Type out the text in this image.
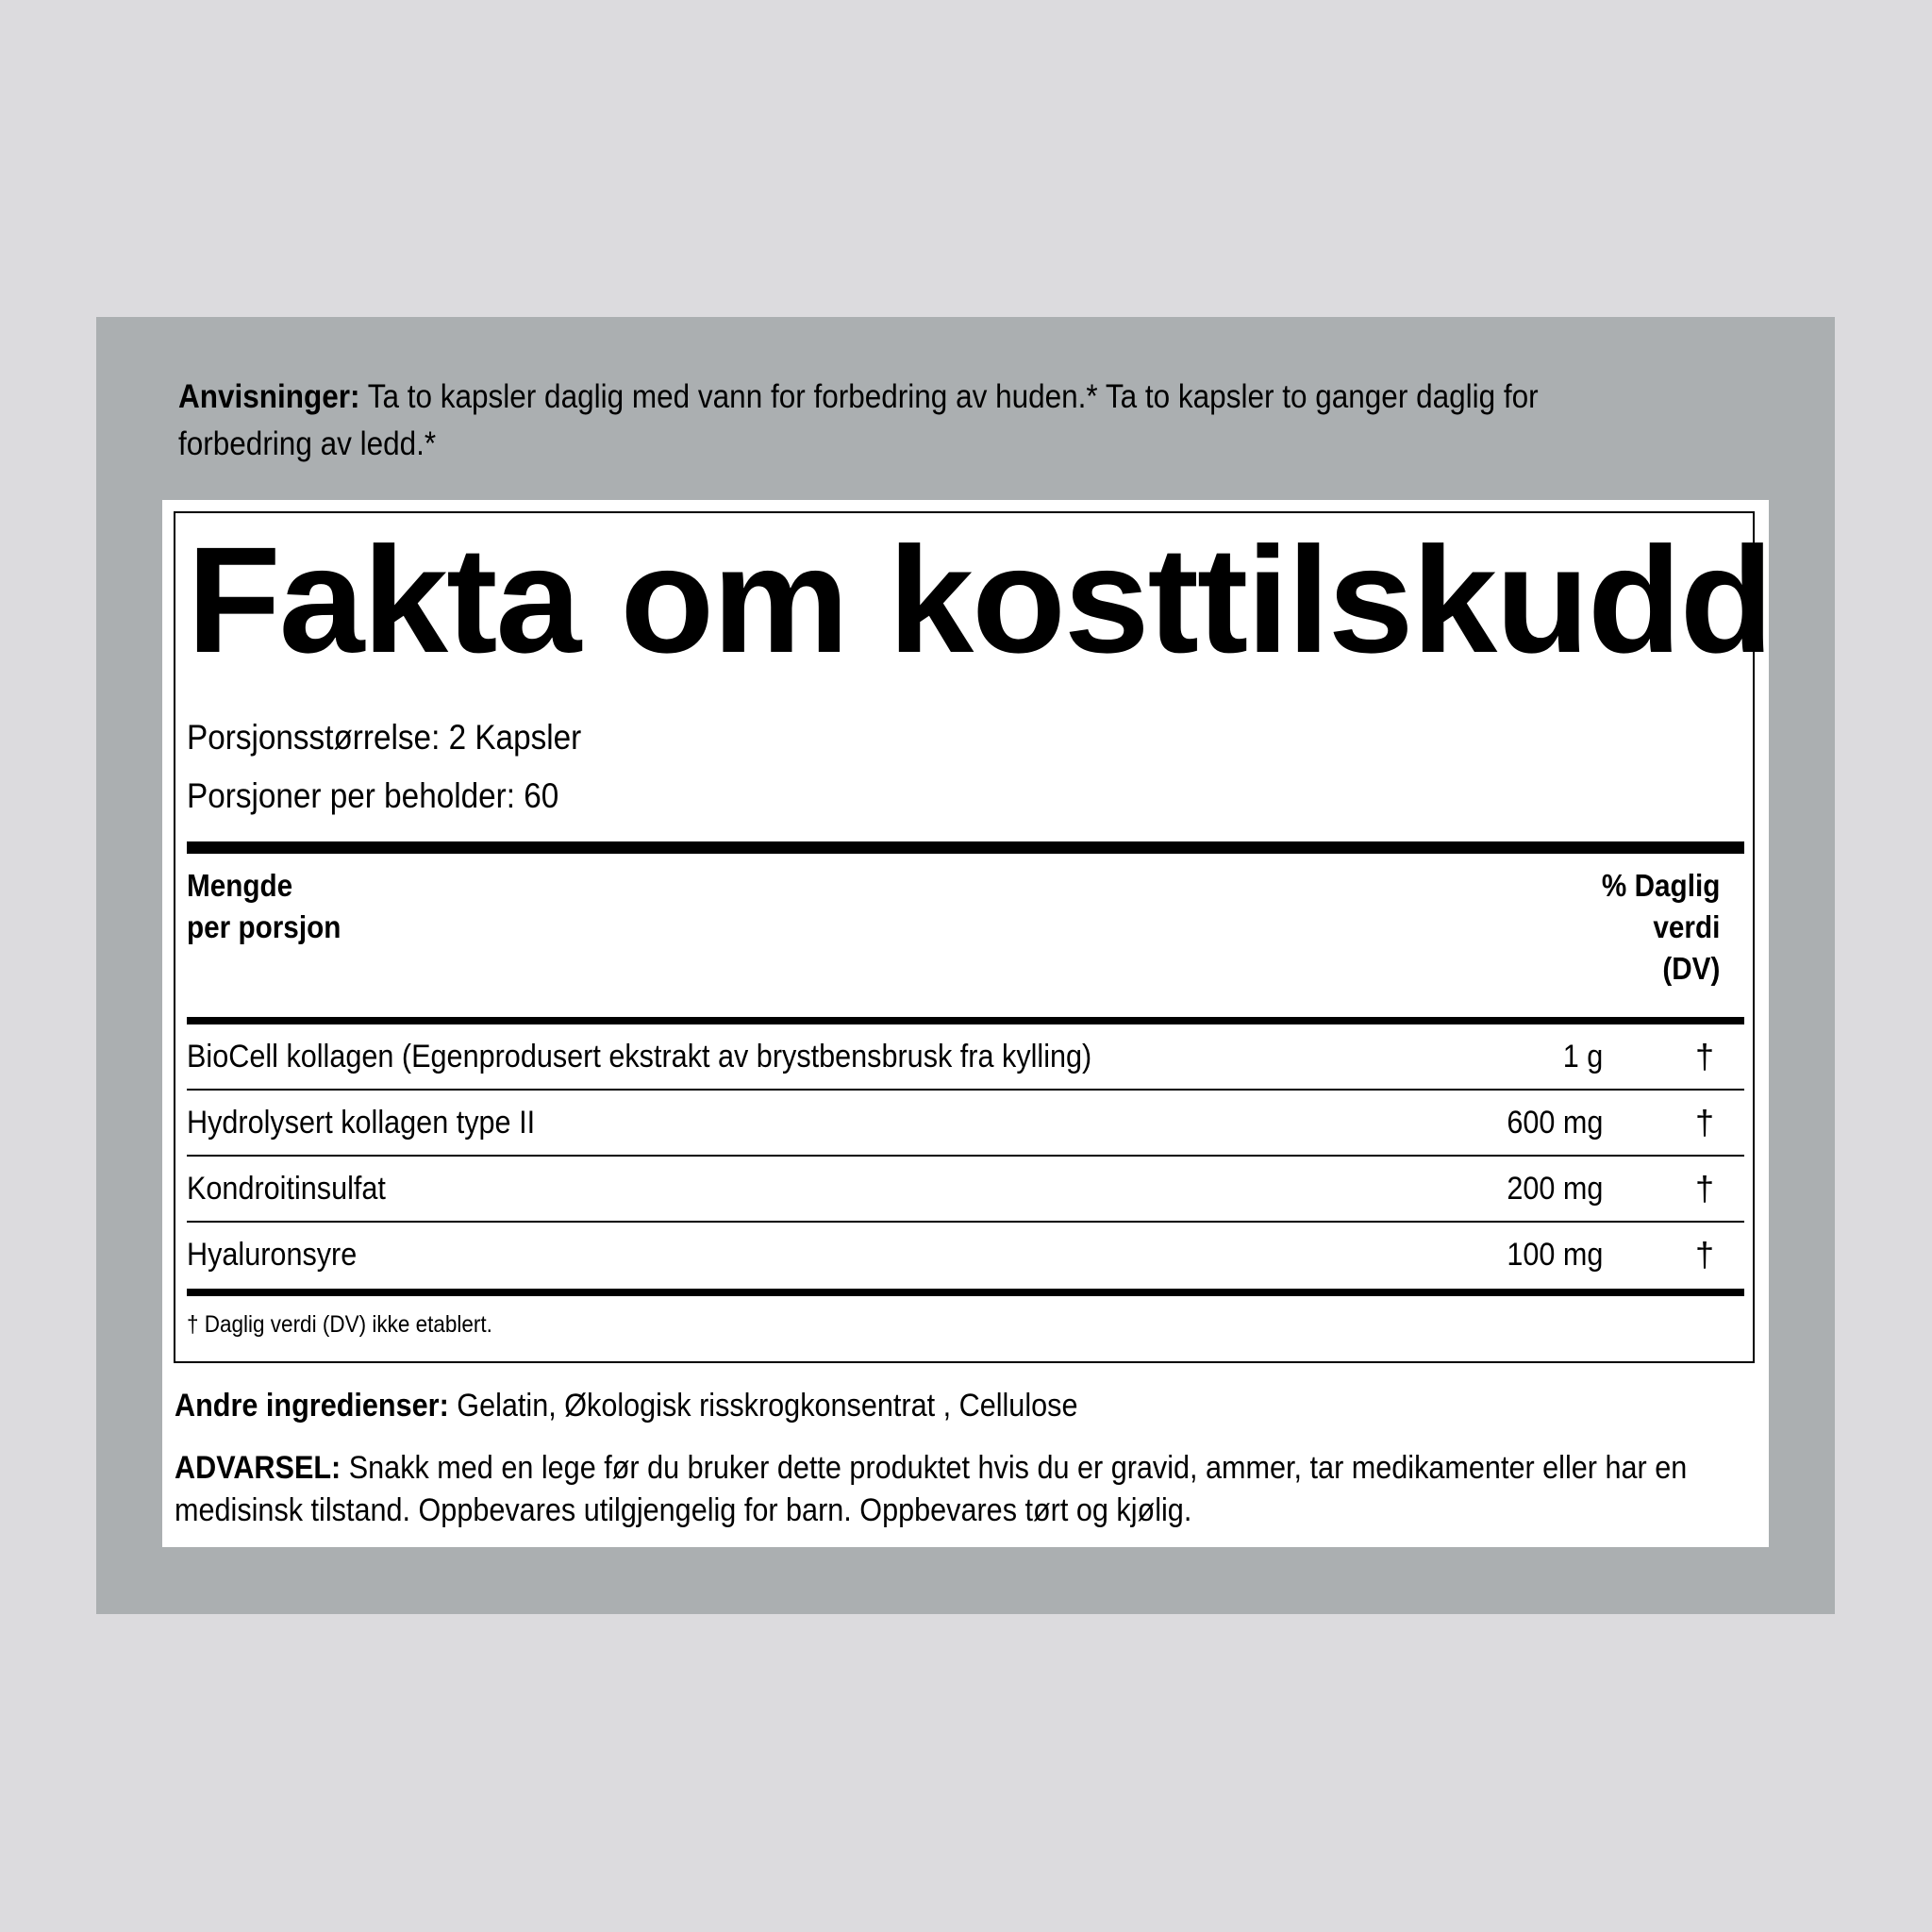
Anvisninger: Ta to kapsler daglig med vann for forbedring av huden.* Ta to kapsler to ganger daglig for forbedring av ledd.*
Fakta om kosttilskudd
Porsjonsstørrelse: 2 Kapsler
Porsjoner per beholder: 60
Mengde
per porsjon
% Daglig
verdi
(DV)
BioCell kollagen (Egenprodusert ekstrakt av brystbensbrusk fra kylling)	1 g	†
Hydrolysert kollagen type II	600 mg	†
Kondroitinsulfat	200 mg	†
Hyaluronsyre	100 mg	†
† Daglig verdi (DV) ikke etablert.
Andre ingredienser: Gelatin, Økologisk risskrogkonsentrat , Cellulose
ADVARSEL: Snakk med en lege før du bruker dette produktet hvis du er gravid, ammer, tar medikamenter eller har en medisinsk tilstand. Oppbevares utilgjengelig for barn. Oppbevares tørt og kjølig.
